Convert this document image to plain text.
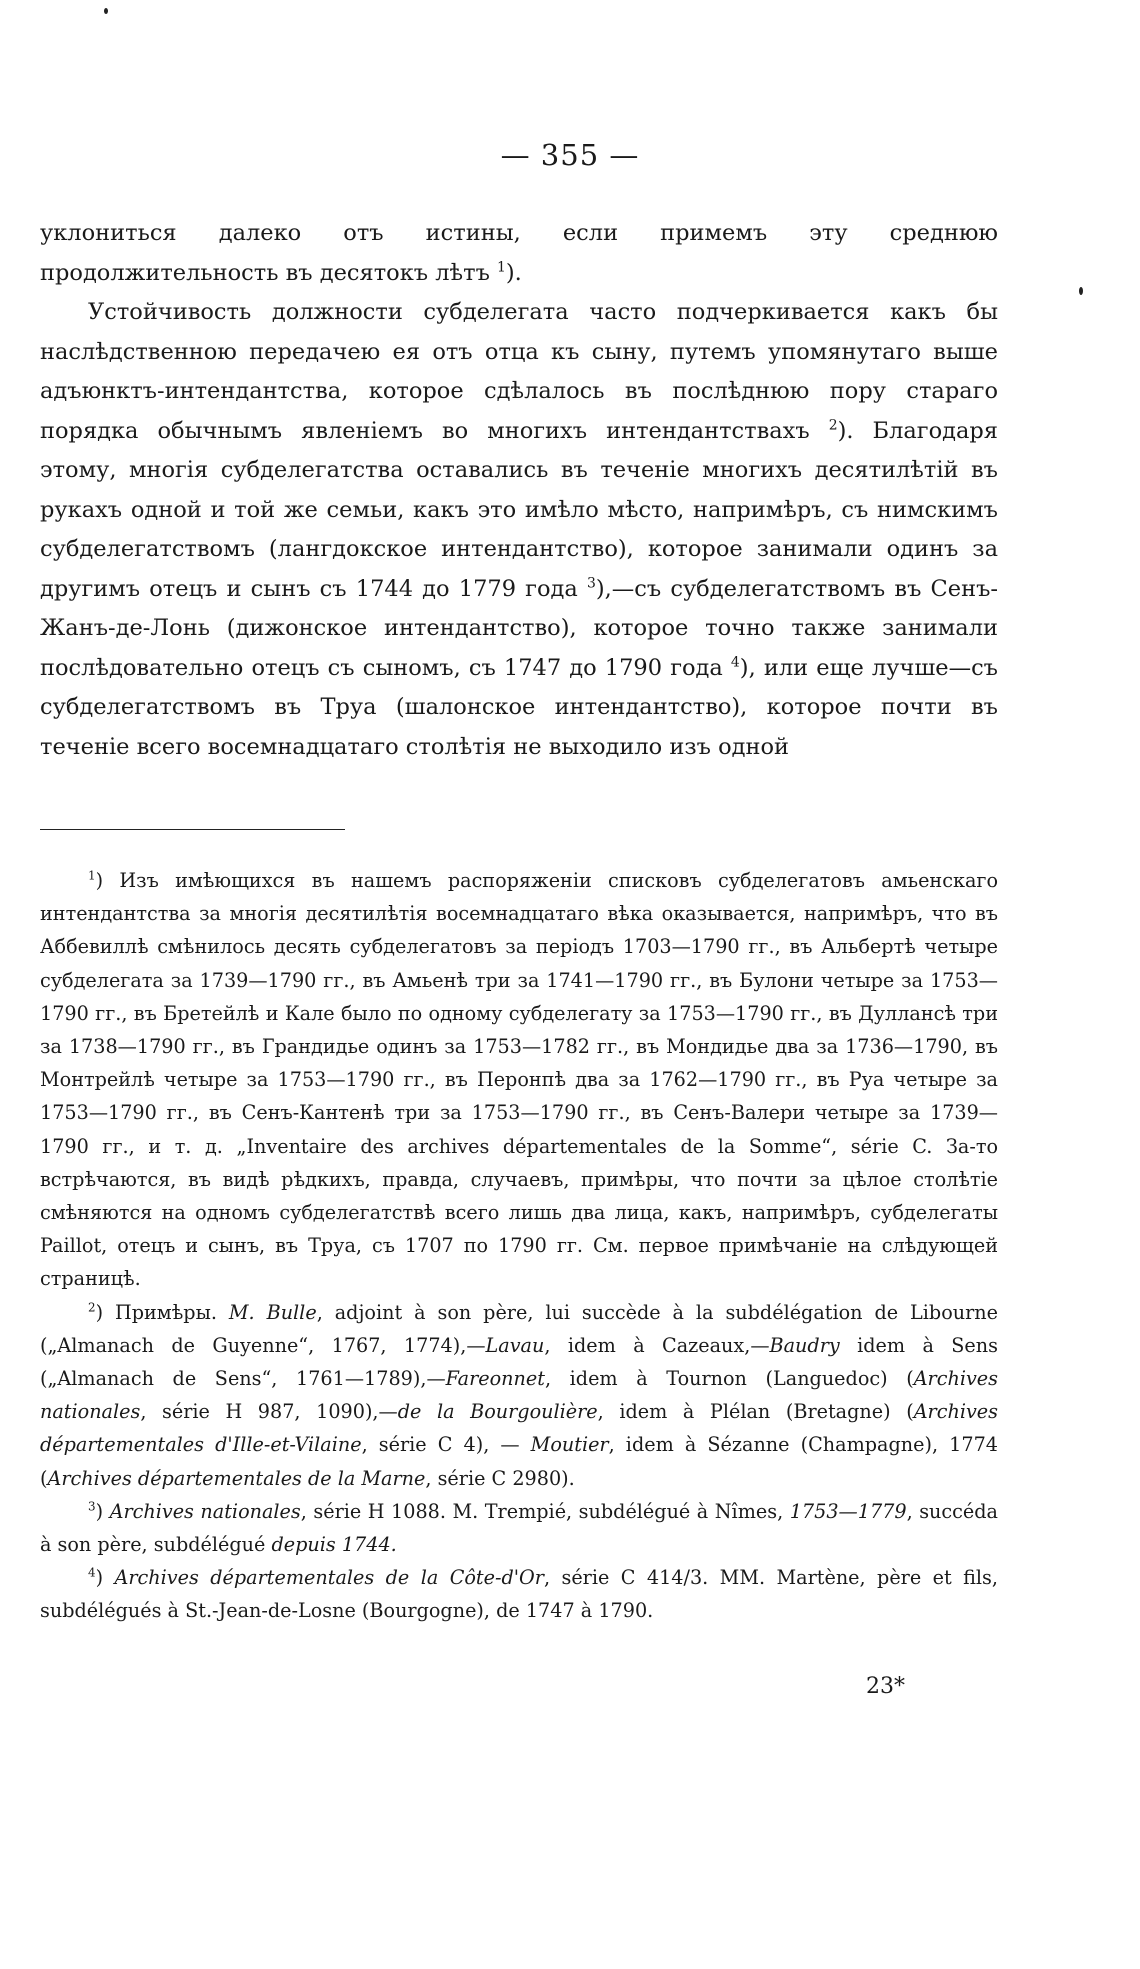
— 355 —

уклониться далеко отъ истины, если примемъ эту среднюю продолжительность въ десятокъ лѣтъ $^1$).

Устойчивость должности субделегата часто подчеркивается какъ бы наслѣдственною передачею ея отъ отца къ сыну, путемъ упомянутаго выше адъюнктъ-интендантства, которое сдѣлалось въ послѣднюю пору стараго порядка обычнымъ явленіемъ во многихъ интендантствахъ $^2$). Благодаря этому, многія субделегатства оставались въ теченіе многихъ десятилѣтій въ рукахъ одной и той же семьи, какъ это имѣло мѣсто, напримѣръ, съ нимскимъ субделегатствомъ (лангдокское интендантство), которое занимали одинъ за другимъ отецъ и сынъ съ 1744 до 1779 года $^3$),—съ субделегатствомъ въ Сенъ-Жанъ-де-Лонь (дижонское интендантство), которое точно также занимали послѣдовательно отецъ съ сыномъ, съ 1747 до 1790 года $^4$), или еще лучше—съ субделегатствомъ въ Труа (шалонское интендантство), которое почти въ теченіе всего восемнадцатаго столѣтія не выходило изъ одной

$^1$) Изъ имѣющихся въ нашемъ распоряженіи списковъ субделегатовъ амьенскаго интендантства за многія десятилѣтія восемнадцатаго вѣка оказывается, напримѣръ, что въ Аббевиллѣ смѣнилось десять субделегатовъ за періодъ 1703—1790 гг., въ Альбертѣ четыре субделегата за 1739—1790 гг., въ Амьенѣ три за 1741—1790 гг., въ Булони четыре за 1753—1790 гг., въ Бретейлѣ и Кале было по одному субделегату за 1753—1790 гг., въ Дуллансѣ три за 1738—1790 гг., въ Грандидье одинъ за 1753—1782 гг., въ Мондидье два за 1736—1790, въ Монтрейлѣ четыре за 1753—1790 гг., въ Перонпѣ два за 1762—1790 гг., въ Руа четыре за 1753—1790 гг., въ Сенъ-Кантенѣ три за 1753—1790 гг., въ Сенъ-Валери четыре за 1739—1790 гг., и т. д. „Inventaire des archives départementales de la Somme“, série C. За-то встрѣчаются, въ видѣ рѣдкихъ, правда, случаевъ, примѣры, что почти за цѣлое столѣтіе смѣняются на одномъ субделегатствѣ всего лишь два лица, какъ, напримѣръ, субделегаты Paillot, отецъ и сынъ, въ Труа, съ 1707 по 1790 гг. См. первое примѣчаніе на слѣдующей страницѣ.

$^2$) Примѣры. M. Bulle, adjoint à son père, lui succède à la subdélégation de Libourne („Almanach de Guyenne“, 1767, 1774),—Lavau, idem à Cazeaux,—Baudry idem à Sens („Almanach de Sens“, 1761—1789),—Fareonnet, idem à Tournon (Languedoc) (Archives nationales, série H 987, 1090),—de la Bourgoulière, idem à Plélan (Bretagne) (Archives départementales d'Ille-et-Vilaine, série C 4), — Moutier, idem à Sézanne (Champagne), 1774 (Archives départementales de la Marne, série C 2980).

$^3$) Archives nationales, série H 1088. M. Trempié, subdélégué à Nîmes, 1753—1779, succéda à son père, subdélégué depuis 1744.

$^4$) Archives départementales de la Côte-d'Or, série C 414/3. MM. Martène, père et fils, subdélégués à St.-Jean-de-Losne (Bourgogne), de 1747 à 1790.

23*
